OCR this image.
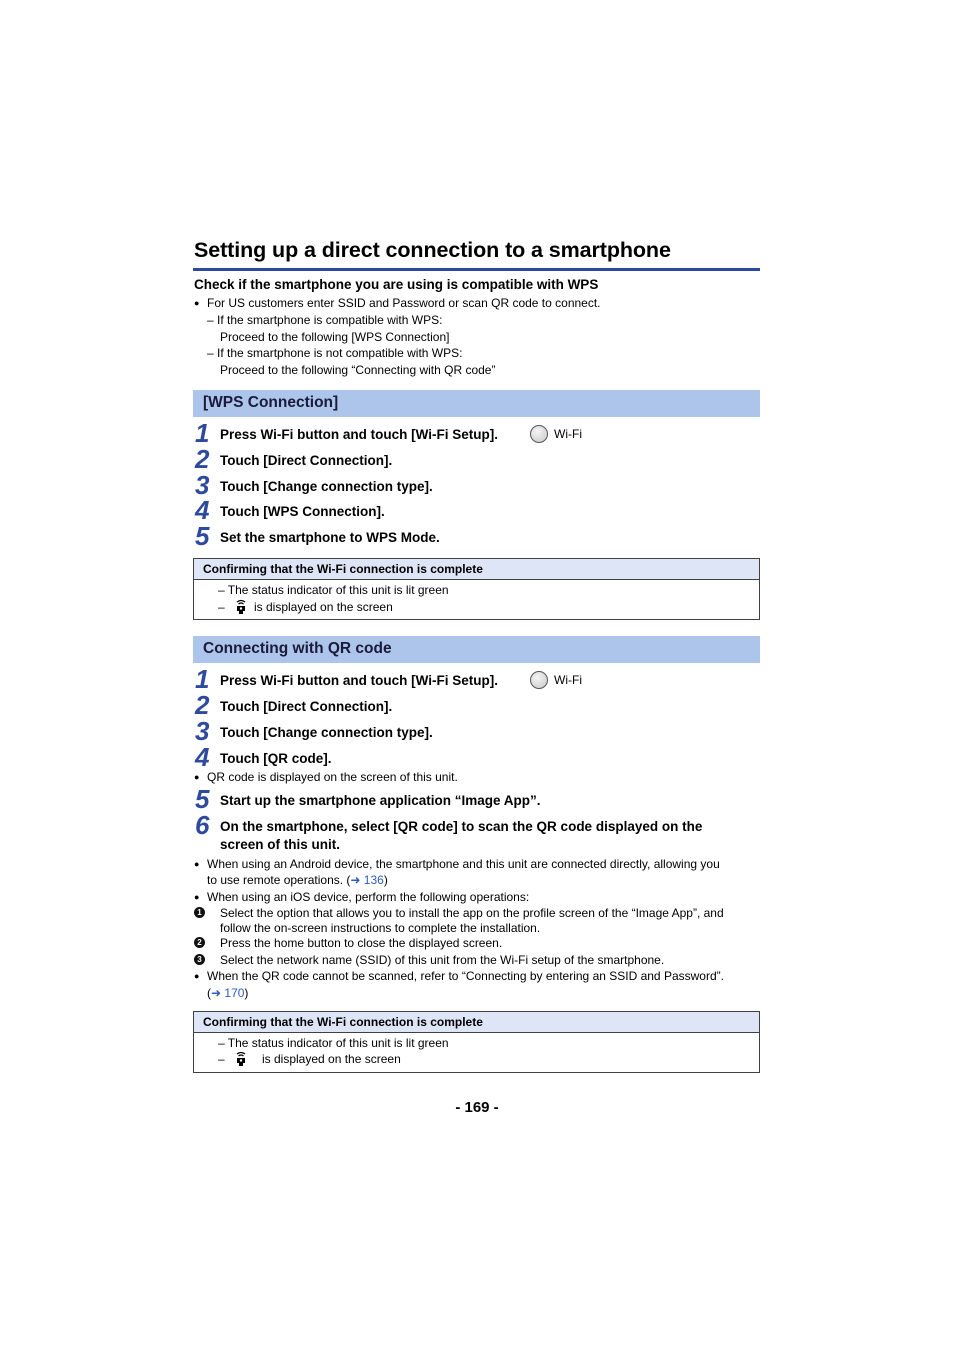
Setting up a direct connection to a smartphone
Check if the smartphone you are using is compatible with WPS
● For US customers enter SSID and Password or scan QR code to connect.
– If the smartphone is compatible with WPS:
Proceed to the following [WPS Connection]
– If the smartphone is not compatible with WPS:
Proceed to the following “Connecting with QR code”
[WPS Connection]
1 Press Wi-Fi button and touch [Wi-Fi Setup].	Wi-Fi
2 Touch [Direct Connection].
3 Touch [Change connection type].
4 Touch [WPS Connection].
5 Set the smartphone to WPS Mode.
Confirming that the Wi-Fi connection is complete
– The status indicator of this unit is lit green
– is displayed on the screen
Connecting with QR code
1 Press Wi-Fi button and touch [Wi-Fi Setup].	Wi-Fi
2 Touch [Direct Connection].
3 Touch [Change connection type].
4 Touch [QR code].
● QR code is displayed on the screen of this unit.
5 Start up the smartphone application “Image App”.
6 On the smartphone, select [QR code] to scan the QR code displayed on the
screen of this unit.
● When using an Android device, the smartphone and this unit are connected directly, allowing you
to use remote operations. (➜ 136)
● When using an iOS device, perform the following operations:
1 Select the option that allows you to install the app on the profile screen of the “Image App”, and
follow the on-screen instructions to complete the installation.
2 Press the home button to close the displayed screen.
3 Select the network name (SSID) of this unit from the Wi-Fi setup of the smartphone.
● When the QR code cannot be scanned, refer to “Connecting by entering an SSID and Password”.
(➜ 170)
Confirming that the Wi-Fi connection is complete
– The status indicator of this unit is lit green
–	is displayed on the screen
- 169 -
